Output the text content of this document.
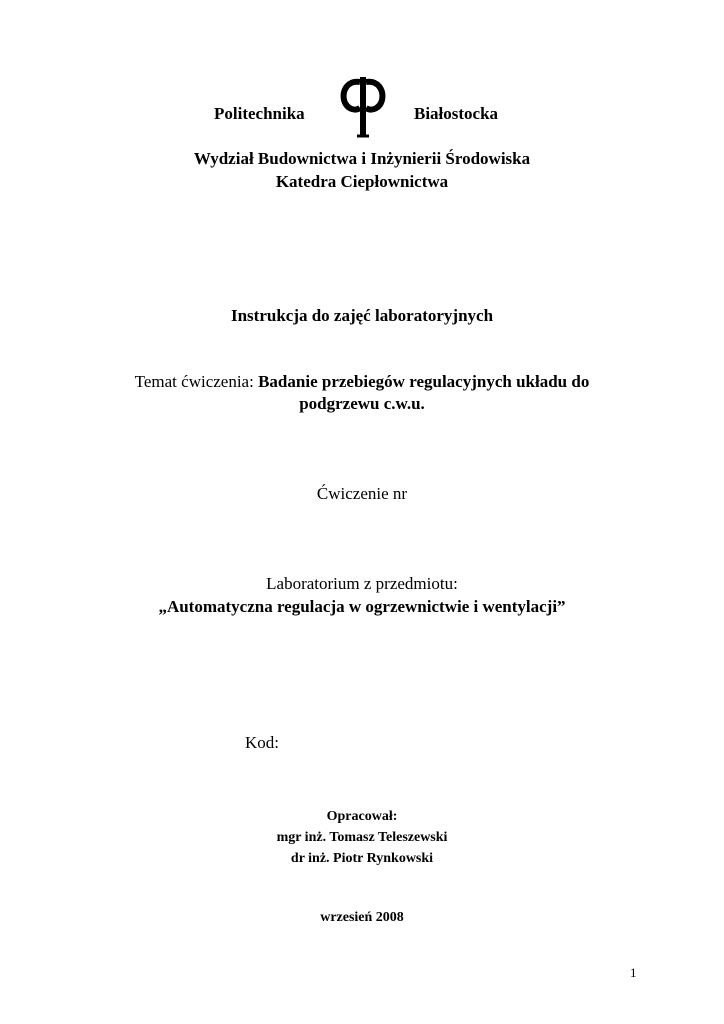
Politechnika	Białostocka
Wydział Budownictwa i Inżynierii Środowiska
Katedra Ciepłownictwa
Instrukcja do zajęć laboratoryjnych
Temat ćwiczenia: Badanie przebiegów regulacyjnych układu do
podgrzewu c.w.u.
Ćwiczenie nr
Laboratorium z przedmiotu:
„Automatyczna regulacja w ogrzewnictwie i wentylacji”
Kod:
Opracował:
mgr inż. Tomasz Teleszewski
dr inż. Piotr Rynkowski
wrzesień 2008
1
